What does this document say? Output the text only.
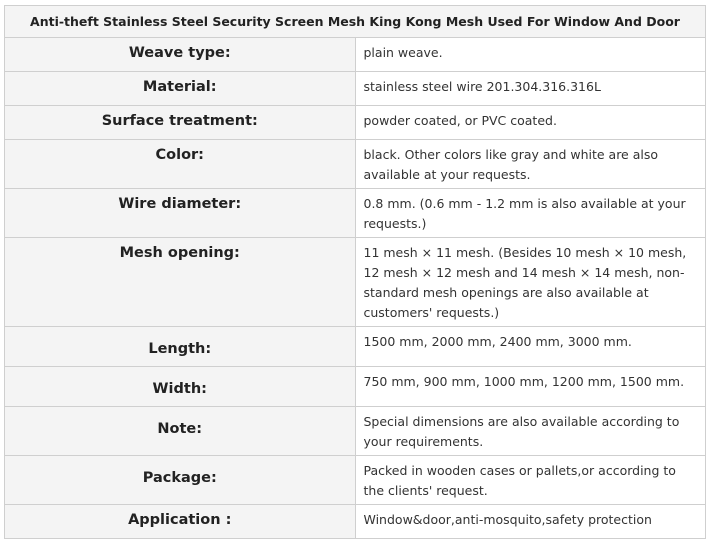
Anti-theft Stainless Steel Security Screen Mesh King Kong Mesh Used For Window And Door	
Weave type:	plain weave.
Material:	stainless steel wire 201.304.316.316L
Surface treatment:	powder coated, or PVC coated.
Color:	black. Other colors like gray and white are also available at your requests.
Wire diameter:	0.8 mm. (0.6 mm - 1.2 mm is also available at your requests.)
Mesh opening:	11 mesh × 11 mesh. (Besides 10 mesh × 10 mesh, 12 mesh × 12 mesh and 14 mesh × 14 mesh, non-standard mesh openings are also available at customers' requests.)
Length:	1500 mm, 2000 mm, 2400 mm, 3000 mm.
Width:	750 mm, 900 mm, 1000 mm, 1200 mm, 1500 mm.
Note:	Special dimensions are also available according to your requirements.
Package:	Packed in wooden cases or pallets,or according to the clients' request.
Application :	Window&door,anti-mosquito,safety protection
